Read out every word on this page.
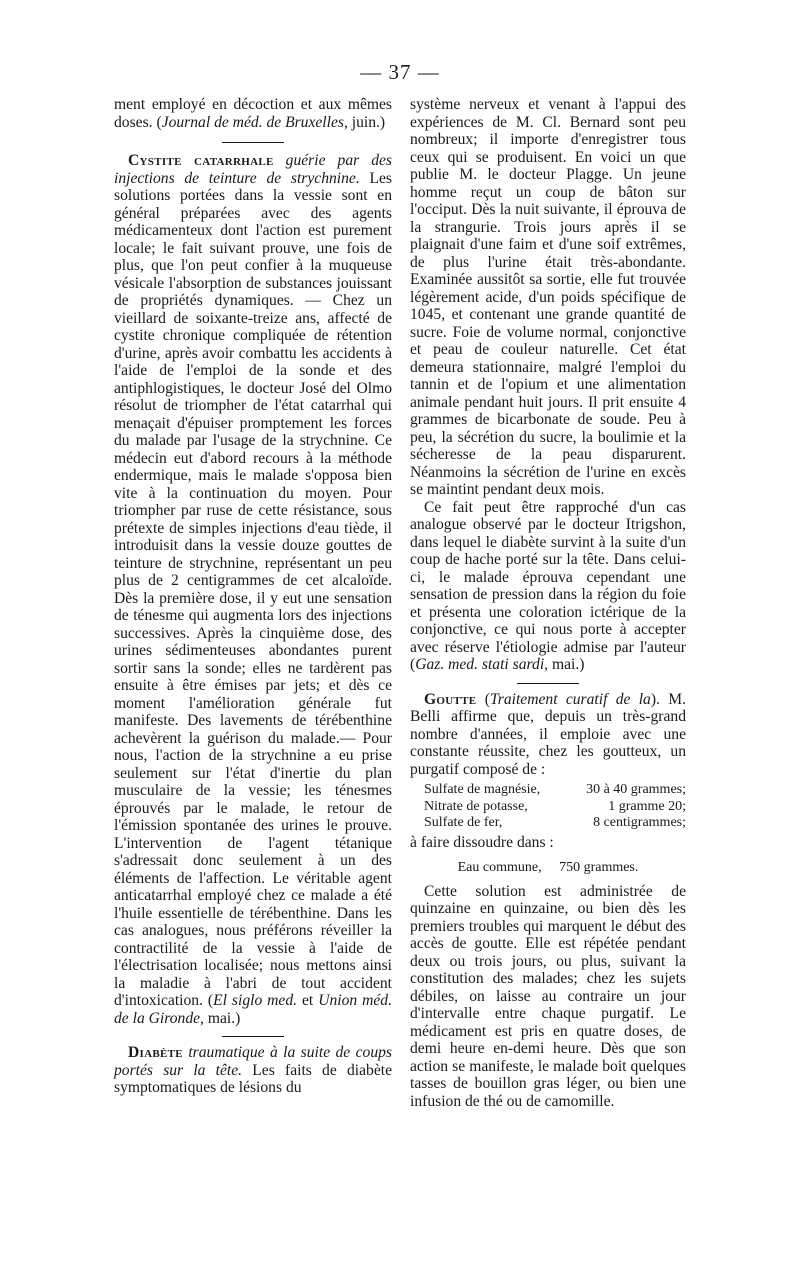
— 37 —

ment employé en décoction et aux mêmes doses. (Journal de méd. de Bruxelles, juin.)

Cystite catarrhale guérie par des injections de teinture de strychnine. Les solutions portées dans la vessie sont en général préparées avec des agents médicamenteux dont l'action est purement locale; le fait suivant prouve, une fois de plus, que l'on peut confier à la muqueuse vésicale l'absorption de substances jouissant de propriétés dynamiques. — Chez un vieillard de soixante-treize ans, affecté de cystite chronique compliquée de rétention d'urine, après avoir combattu les accidents à l'aide de l'emploi de la sonde et des antiphlogistiques, le docteur José del Olmo résolut de triompher de l'état catarrhal qui menaçait d'épuiser promptement les forces du malade par l'usage de la strychnine. Ce médecin eut d'abord recours à la méthode endermique, mais le malade s'opposa bien vite à la continuation du moyen. Pour triompher par ruse de cette résistance, sous prétexte de simples injections d'eau tiède, il introduisit dans la vessie douze gouttes de teinture de strychnine, représentant un peu plus de 2 centigrammes de cet alcaloïde. Dès la première dose, il y eut une sensation de ténesme qui augmenta lors des injections successives. Après la cinquième dose, des urines sédimenteuses abondantes purent sortir sans la sonde; elles ne tardèrent pas ensuite à être émises par jets; et dès ce moment l'amélioration générale fut manifeste. Des lavements de térébenthine achevèrent la guérison du malade.— Pour nous, l'action de la strychnine a eu prise seulement sur l'état d'inertie du plan musculaire de la vessie; les ténesmes éprouvés par le malade, le retour de l'émission spontanée des urines le prouve. L'intervention de l'agent tétanique s'adressait donc seulement à un des éléments de l'affection. Le véritable agent anticatarrhal employé chez ce malade a été l'huile essentielle de térébenthine. Dans les cas analogues, nous préférons réveiller la contractilité de la vessie à l'aide de l'électrisation localisée; nous mettons ainsi la maladie à l'abri de tout accident d'intoxication. (El siglo med. et Union méd. de la Gironde, mai.)

Diabète traumatique à la suite de coups portés sur la tête. Les faits de diabète symptomatiques de lésions du

système nerveux et venant à l'appui des expériences de M. Cl. Bernard sont peu nombreux; il importe d'enregistrer tous ceux qui se produisent. En voici un que publie M. le docteur Plagge. Un jeune homme reçut un coup de bâton sur l'occiput. Dès la nuit suivante, il éprouva de la strangurie. Trois jours après il se plaignait d'une faim et d'une soif extrêmes, de plus l'urine était très-abondante. Examinée aussitôt sa sortie, elle fut trouvée légèrement acide, d'un poids spécifique de 1045, et contenant une grande quantité de sucre. Foie de volume normal, conjonctive et peau de couleur naturelle. Cet état demeura stationnaire, malgré l'emploi du tannin et de l'opium et une alimentation animale pendant huit jours. Il prit ensuite 4 grammes de bicarbonate de soude. Peu à peu, la sécrétion du sucre, la boulimie et la sécheresse de la peau disparurent. Néanmoins la sécrétion de l'urine en excès se maintint pendant deux mois.

Ce fait peut être rapproché d'un cas analogue observé par le docteur Itrigshon, dans lequel le diabète survint à la suite d'un coup de hache porté sur la tête. Dans celui-ci, le malade éprouva cependant une sensation de pression dans la région du foie et présenta une coloration ictérique de la conjonctive, ce qui nous porte à accepter avec réserve l'étiologie admise par l'auteur (Gaz. med. stati sardi, mai.)

Goutte (Traitement curatif de la). M. Belli affirme que, depuis un très-grand nombre d'années, il emploie avec une constante réussite, chez les goutteux, un purgatif composé de :

Sulfate de magnésie,	30 à 40 grammes;
Nitrate de potasse,	1 gramme 20;
Sulfate de fer,	8 centigrammes;

à faire dissoudre dans :

Eau commune,     750 grammes.

Cette solution est administrée de quinzaine en quinzaine, ou bien dès les premiers troubles qui marquent le début des accès de goutte. Elle est répétée pendant deux ou trois jours, ou plus, suivant la constitution des malades; chez les sujets débiles, on laisse au contraire un jour d'intervalle entre chaque purgatif. Le médicament est pris en quatre doses, de demi heure en-demi heure. Dès que son action se manifeste, le malade boit quelques tasses de bouillon gras léger, ou bien une infusion de thé ou de camomille.
